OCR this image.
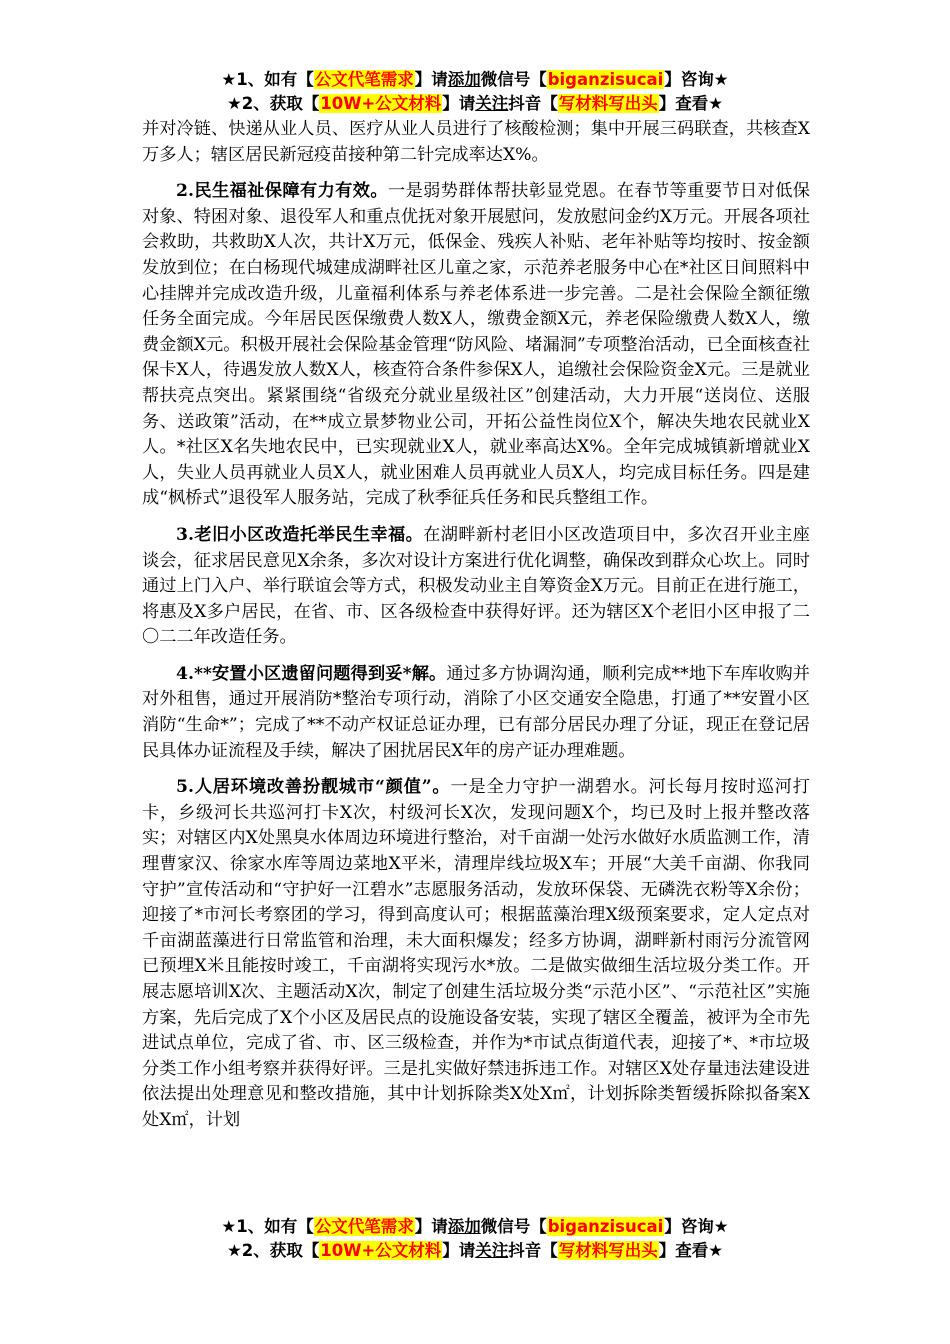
★1、如有【公文代笔需求】请添加微信号【biganzisucai】咨询★
★2、获取【10W+公文材料】请关注抖音【写材料写出头】查看★

并对冷链、快递从业人员、医疗从业人员进行了核酸检测；集中开展三码联查，共核查X万多人；辖区居民新冠疫苗接种第二针完成率达X%。

2.民生福祉保障有力有效。一是弱势群体帮扶彰显党恩。在春节等重要节日对低保对象、特困对象、退役军人和重点优抚对象开展慰问，发放慰问金约X万元。开展各项社会救助，共救助X人次，共计X万元，低保金、残疾人补贴、老年补贴等均按时、按金额发放到位；在白杨现代城建成湖畔社区儿童之家，示范养老服务中心在*社区日间照料中心挂牌并完成改造升级，儿童福利体系与养老体系进一步完善。二是社会保险全额征缴任务全面完成。今年居民医保缴费人数X人，缴费金额X元，养老保险缴费人数X人，缴费金额X元。积极开展社会保险基金管理“防风险、堵漏洞”专项整治活动，已全面核查社保卡X人，待遇发放人数X人，核查符合条件参保X人，追缴社会保险资金X元。三是就业帮扶亮点突出。紧紧围绕“省级充分就业星级社区”创建活动，大力开展“送岗位、送服务、送政策”活动，在**成立景梦物业公司，开拓公益性岗位X个，解决失地农民就业X人。*社区X名失地农民中，已实现就业X人，就业率高达X%。全年完成城镇新增就业X人，失业人员再就业人员X人，就业困难人员再就业人员X人，均完成目标任务。四是建成“枫桥式”退役军人服务站，完成了秋季征兵任务和民兵整组工作。

3.老旧小区改造托举民生幸福。在湖畔新村老旧小区改造项目中，多次召开业主座谈会，征求居民意见X余条，多次对设计方案进行优化调整，确保改到群众心坎上。同时通过上门入户、举行联谊会等方式，积极发动业主自筹资金X万元。目前正在进行施工，将惠及X多户居民，在省、市、区各级检查中获得好评。还为辖区X个老旧小区申报了二〇二二年改造任务。

4.**安置小区遗留问题得到妥*解。通过多方协调沟通，顺利完成**地下车库收购并对外租售，通过开展消防*整治专项行动，消除了小区交通安全隐患，打通了**安置小区消防“生命*”；完成了**不动产权证总证办理，已有部分居民办理了分证，现正在登记居民具体办证流程及手续，解决了困扰居民X年的房产证办理难题。

5.人居环境改善扮靓城市“颜值”。一是全力守护一湖碧水。河长每月按时巡河打卡，乡级河长共巡河打卡X次，村级河长X次，发现问题X个，均已及时上报并整改落实；对辖区内X处黑臭水体周边环境进行整治，对千亩湖一处污水做好水质监测工作，清理曹家汉、徐家水库等周边菜地X平米，清理岸线垃圾X车；开展“大美千亩湖、你我同守护”宣传活动和“守护好一江碧水”志愿服务活动，发放环保袋、无磷洗衣粉等X余份；迎接了*市河长考察团的学习，得到高度认可；根据蓝藻治理X级预案要求，定人定点对千亩湖蓝藻进行日常监管和治理，未大面积爆发；经多方协调，湖畔新村雨污分流管网已预埋X米且能按时竣工，千亩湖将实现污水*放。二是做实做细生活垃圾分类工作。开展志愿培训X次、主题活动X次，制定了创建生活垃圾分类“示范小区”、“示范社区”实施方案，先后完成了X个小区及居民点的设施设备安装，实现了辖区全覆盖，被评为全市先进试点单位，完成了省、市、区三级检查，并作为*市试点街道代表，迎接了*、*市垃圾分类工作小组考察并获得好评。三是扎实做好禁违拆违工作。对辖区X处存量违法建设进依法提出处理意见和整改措施，其中计划拆除类X处X㎡，计划拆除类暂缓拆除拟备案X处X㎡，计划

★1、如有【公文代笔需求】请添加微信号【biganzisucai】咨询★
★2、获取【10W+公文材料】请关注抖音【写材料写出头】查看★
